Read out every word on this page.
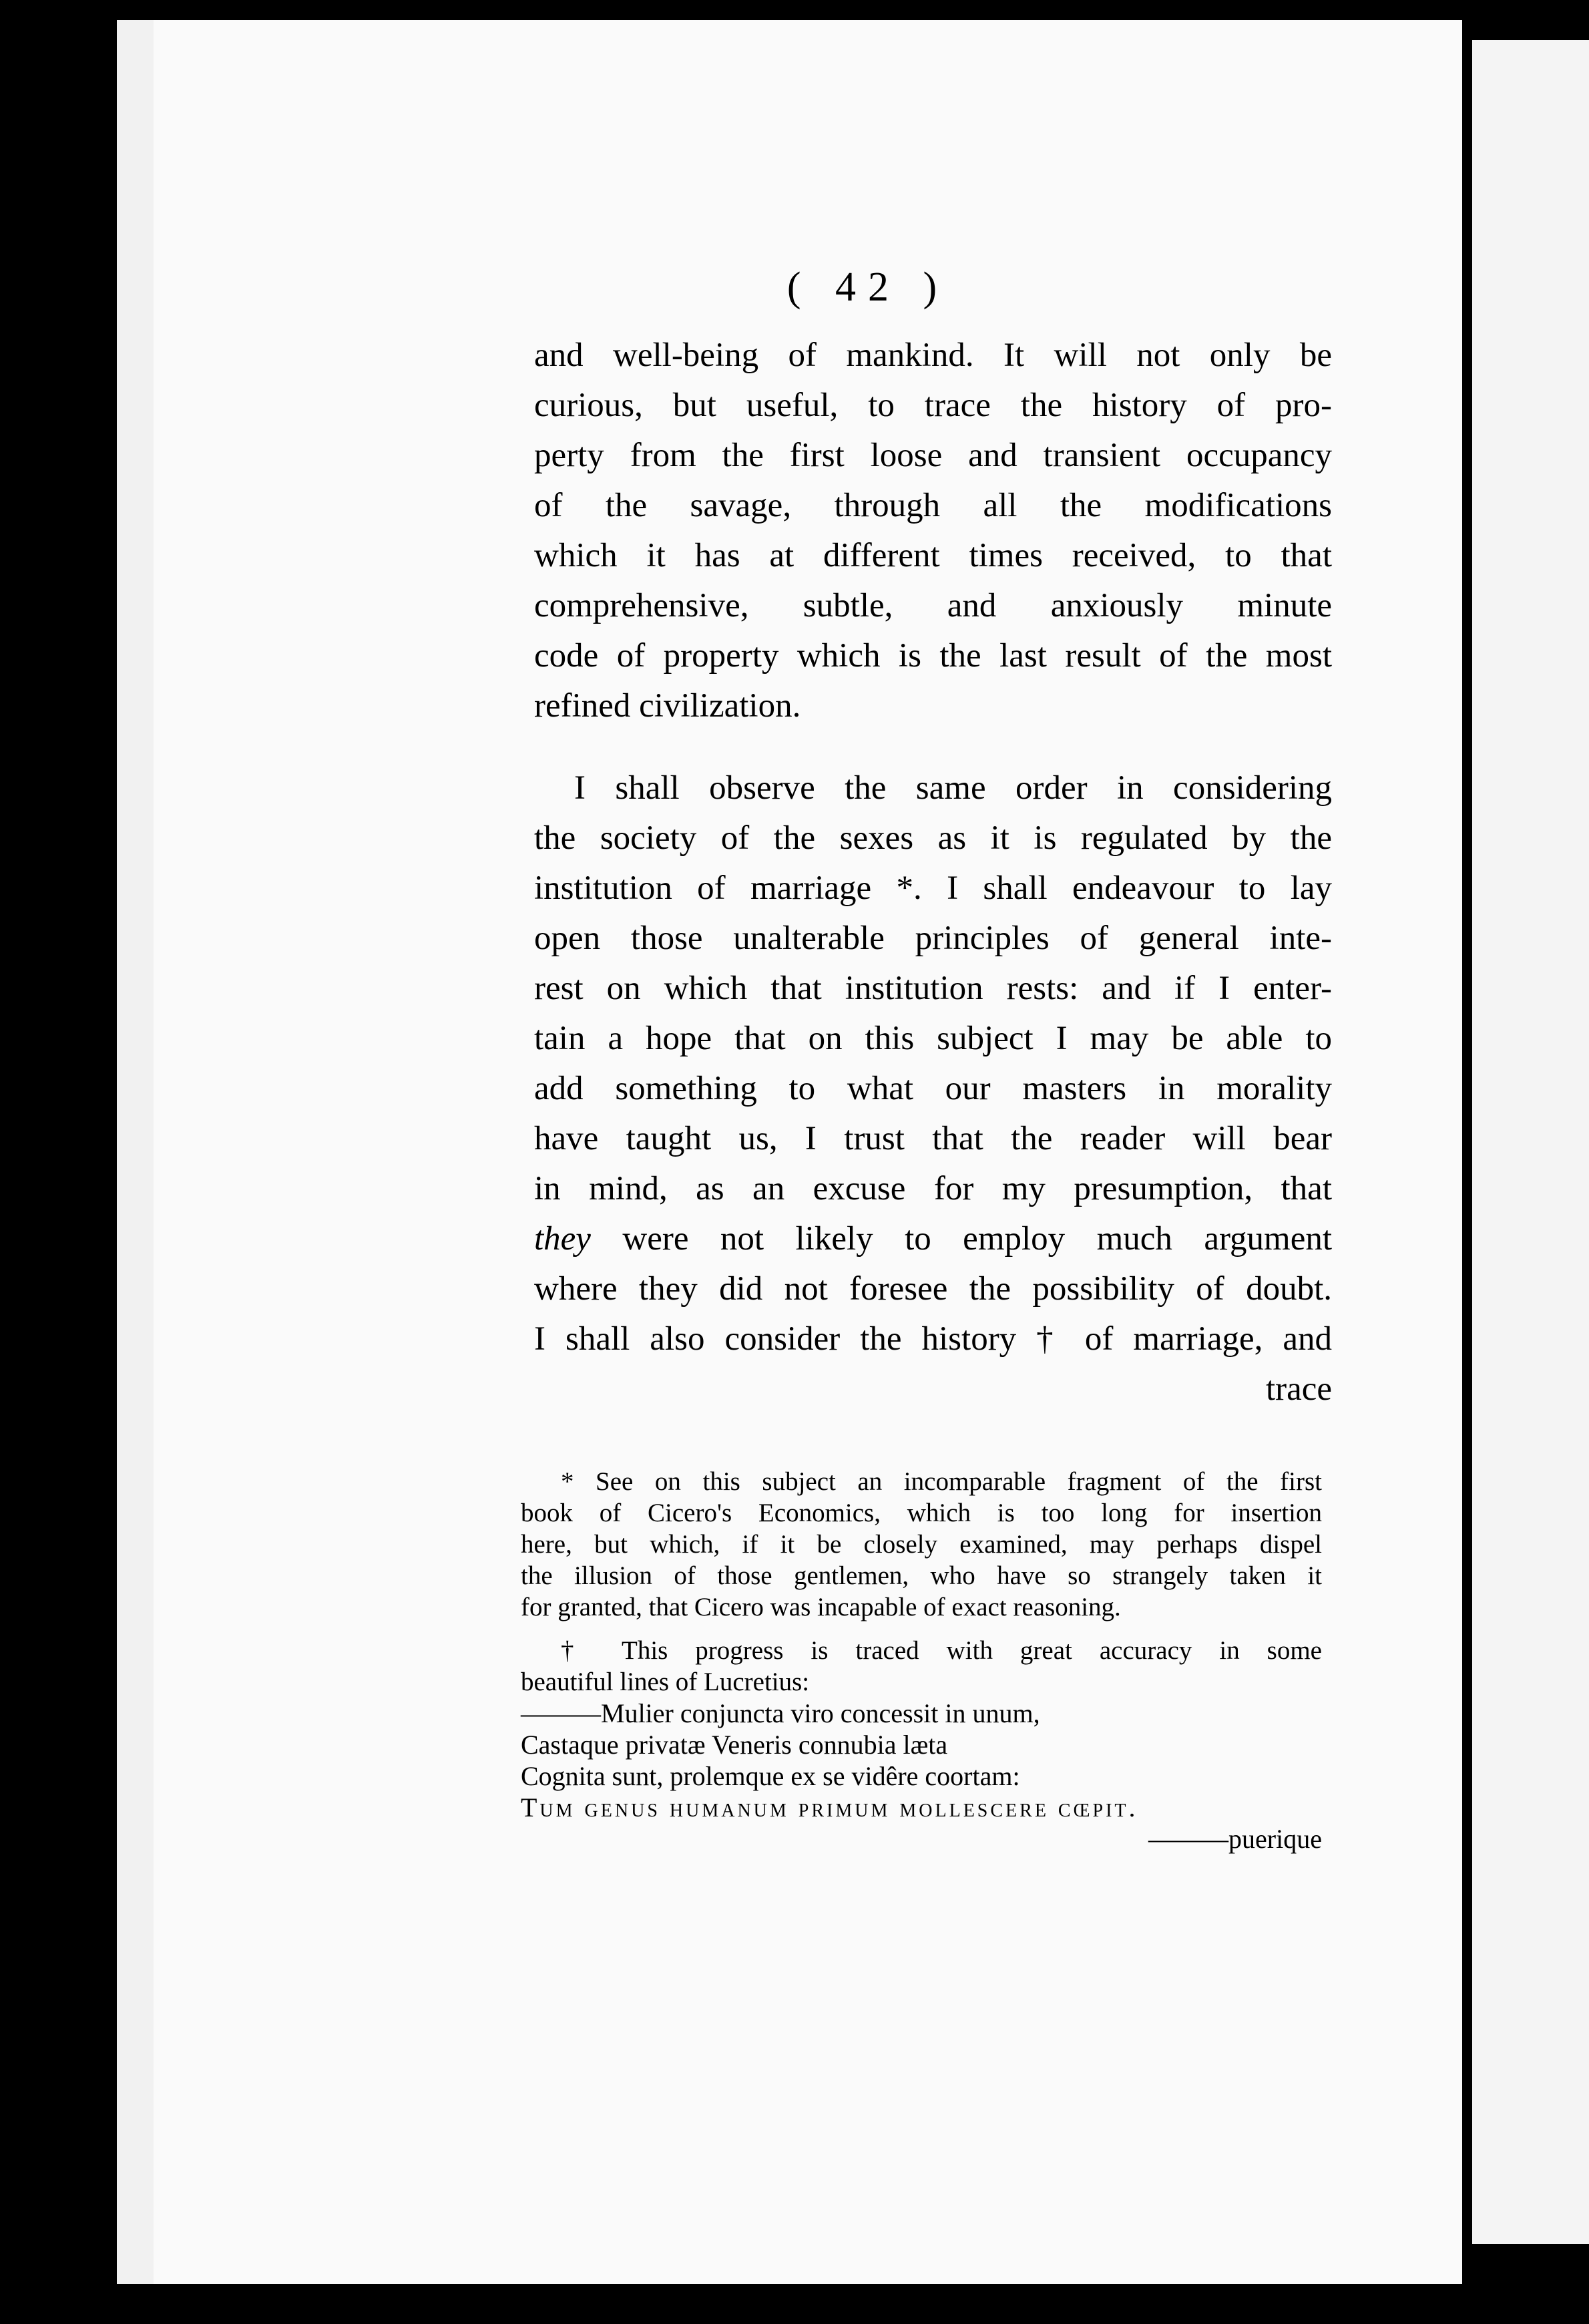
( 42 )

and well-being of mankind. It will not only be
curious, but useful, to trace the history of pro-
perty from the first loose and transient occupancy
of the savage, through all the modifications
which it has at different times received, to that
comprehensive, subtle, and anxiously minute
code of property which is the last result of the most
refined civilization.
I shall observe the same order in considering
the society of the sexes as it is regulated by the
institution of marriage *. I shall endeavour to lay
open those unalterable principles of general inte-
rest on which that institution rests: and if I enter-
tain a hope that on this subject I may be able to
add something to what our masters in morality
have taught us, I trust that the reader will bear
in mind, as an excuse for my presumption, that
they were not likely to employ much argument
where they did not foresee the possibility of doubt.
I shall also consider the history † of marriage, and
trace
* See on this subject an incomparable fragment of the first
book of Cicero's Economics, which is too long for insertion
here, but which, if it be closely examined, may perhaps dispel
the illusion of those gentlemen, who have so strangely taken it
for granted, that Cicero was incapable of exact reasoning.
† This progress is traced with great accuracy in some
beautiful lines of Lucretius:
———Mulier conjuncta viro concessit in unum,
Castaque privatæ Veneris connubia læta
Cognita sunt, prolemque ex se vidêre coortam:
Tum genus humanum primum mollescere cœpit.
———puerique
